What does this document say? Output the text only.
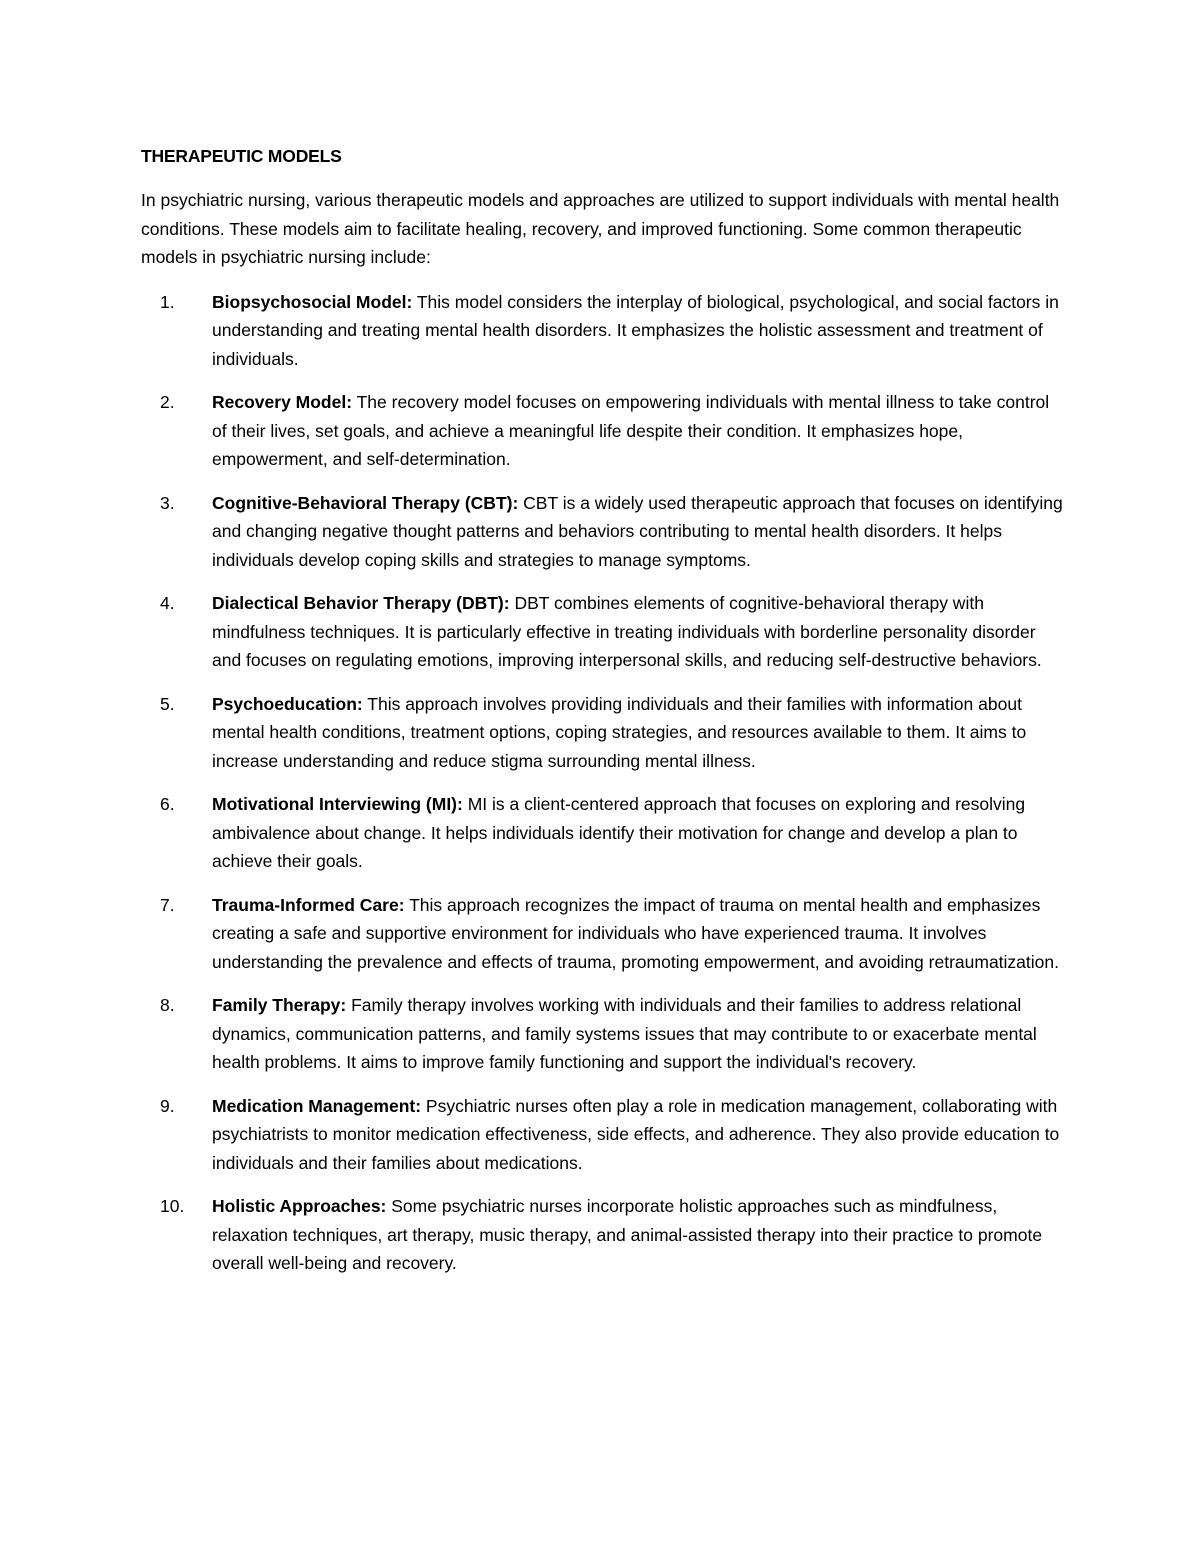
THERAPEUTIC MODELS

In psychiatric nursing, various therapeutic models and approaches are utilized to support individuals with mental health conditions. These models aim to facilitate healing, recovery, and improved functioning. Some common therapeutic models in psychiatric nursing include:

1.	Biopsychosocial Model: This model considers the interplay of biological, psychological, and social factors in understanding and treating mental health disorders. It emphasizes the holistic assessment and treatment of individuals.
2.	Recovery Model: The recovery model focuses on empowering individuals with mental illness to take control of their lives, set goals, and achieve a meaningful life despite their condition. It emphasizes hope, empowerment, and self-determination.
3.	Cognitive-Behavioral Therapy (CBT): CBT is a widely used therapeutic approach that focuses on identifying and changing negative thought patterns and behaviors contributing to mental health disorders. It helps individuals develop coping skills and strategies to manage symptoms.
4.	Dialectical Behavior Therapy (DBT): DBT combines elements of cognitive-behavioral therapy with mindfulness techniques. It is particularly effective in treating individuals with borderline personality disorder and focuses on regulating emotions, improving interpersonal skills, and reducing self-destructive behaviors.
5.	Psychoeducation: This approach involves providing individuals and their families with information about mental health conditions, treatment options, coping strategies, and resources available to them. It aims to increase understanding and reduce stigma surrounding mental illness.
6.	Motivational Interviewing (MI): MI is a client-centered approach that focuses on exploring and resolving ambivalence about change. It helps individuals identify their motivation for change and develop a plan to achieve their goals.
7.	Trauma-Informed Care: This approach recognizes the impact of trauma on mental health and emphasizes creating a safe and supportive environment for individuals who have experienced trauma. It involves understanding the prevalence and effects of trauma, promoting empowerment, and avoiding retraumatization.
8.	Family Therapy: Family therapy involves working with individuals and their families to address relational dynamics, communication patterns, and family systems issues that may contribute to or exacerbate mental health problems. It aims to improve family functioning and support the individual's recovery.
9.	Medication Management: Psychiatric nurses often play a role in medication management, collaborating with psychiatrists to monitor medication effectiveness, side effects, and adherence. They also provide education to individuals and their families about medications.
10.	Holistic Approaches: Some psychiatric nurses incorporate holistic approaches such as mindfulness, relaxation techniques, art therapy, music therapy, and animal-assisted therapy into their practice to promote overall well-being and recovery.
